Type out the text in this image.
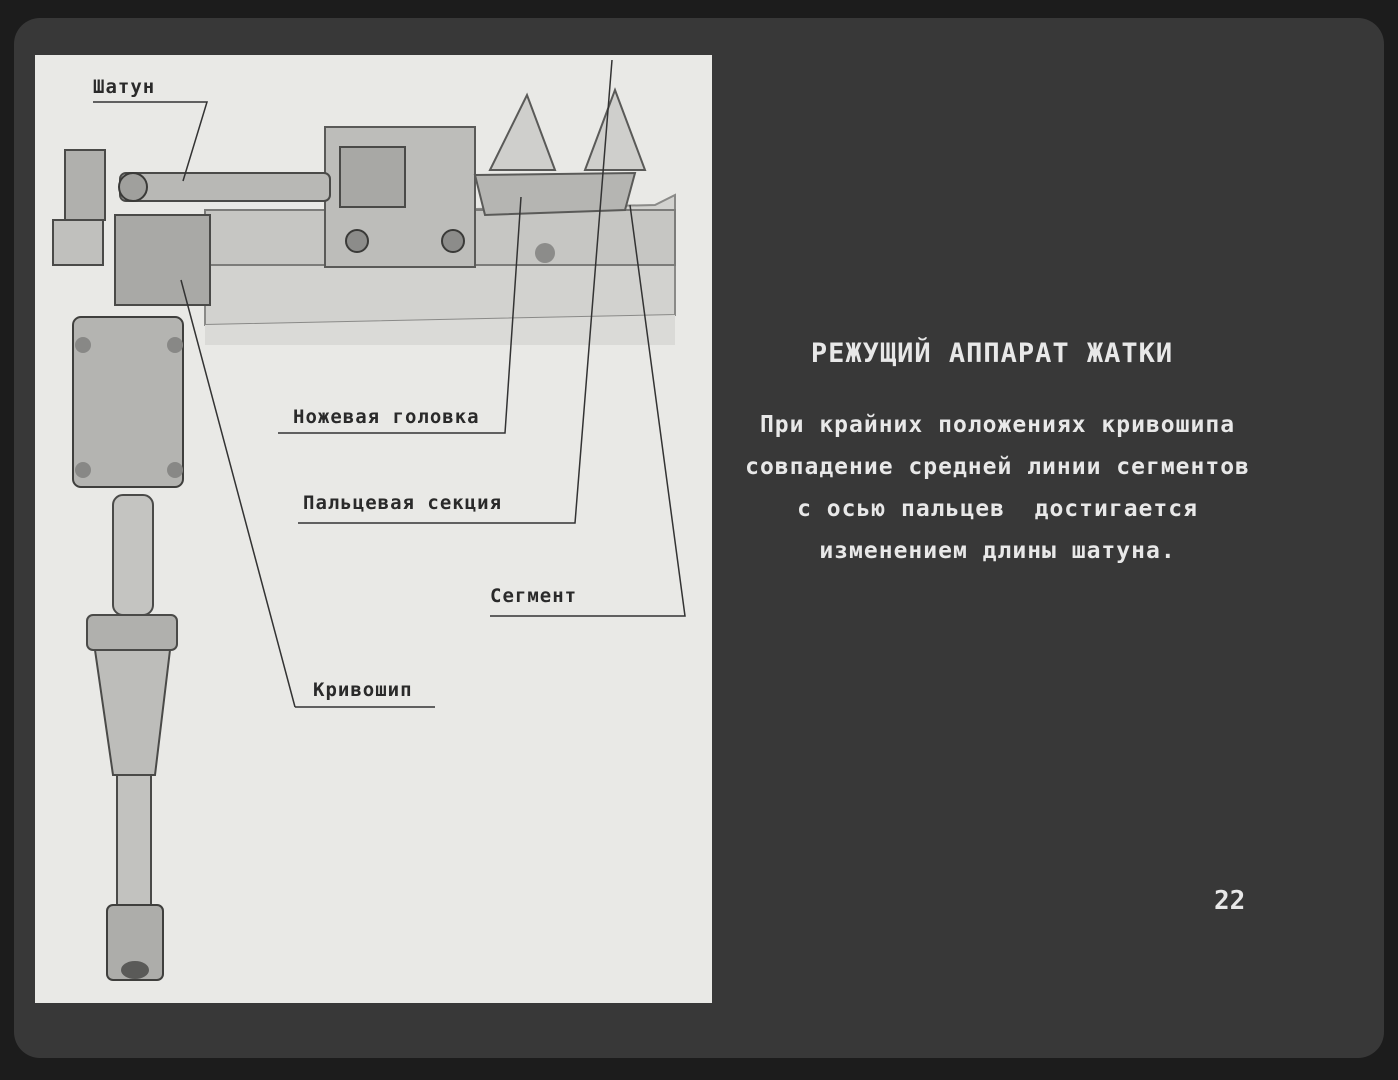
Шатун
Ножевая головка
Пальцевая секция
Сегмент
Кривошип
РЕЖУЩИЙ АППАРАТ ЖАТКИ
При крайних положениях кривошипа
совпадение средней линии сегментов
с осью пальцев  достигается
изменением длины шатуна.
22
